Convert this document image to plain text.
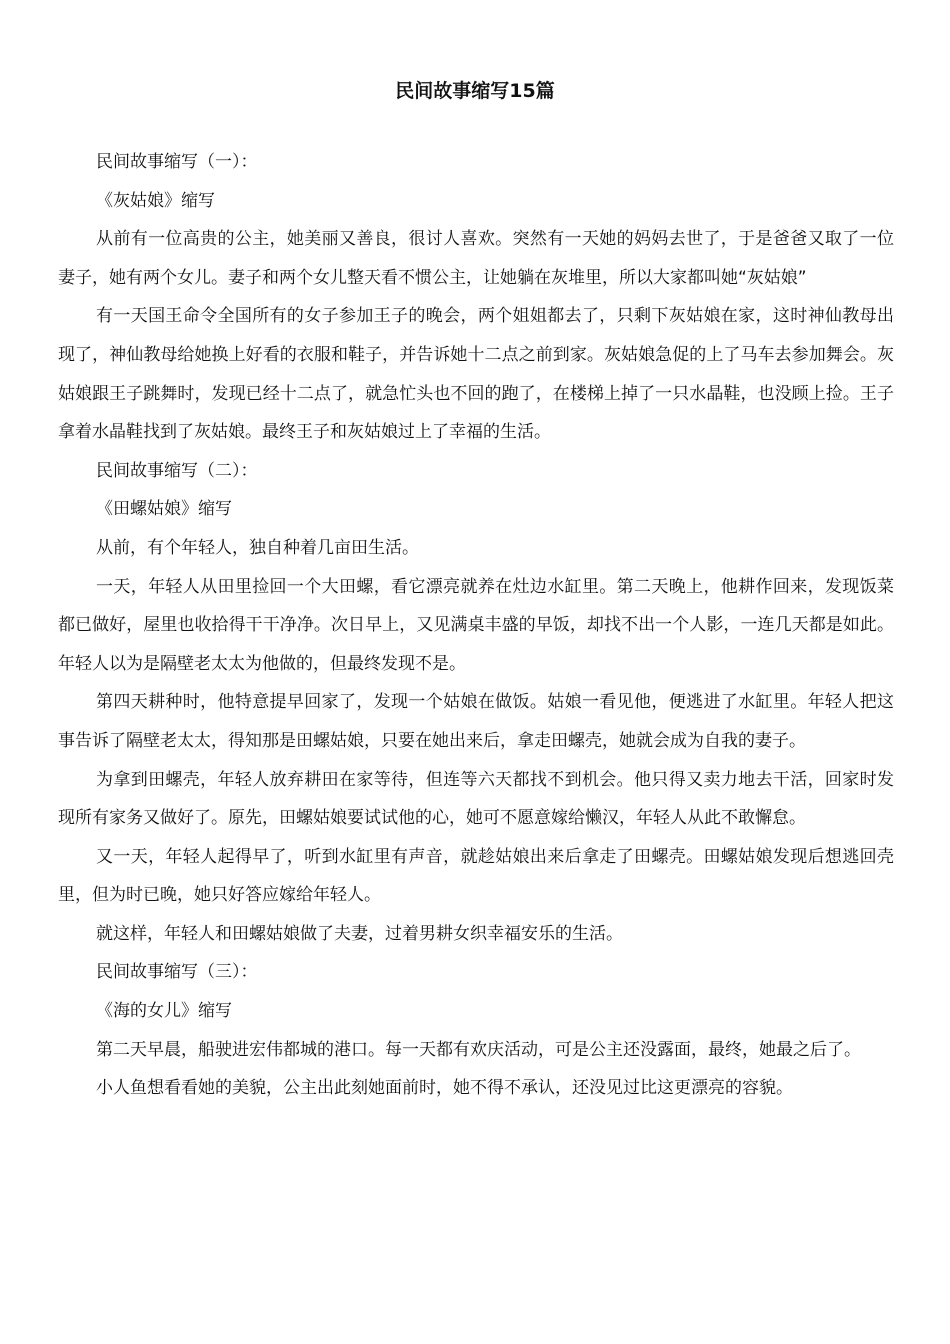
民间故事缩写15篇

民间故事缩写（一）：

《灰姑娘》缩写

从前有一位高贵的公主，她美丽又善良，很讨人喜欢。突然有一天她的妈妈去世了，于是爸爸又取了一位妻子，她有两个女儿。妻子和两个女儿整天看不惯公主，让她躺在灰堆里，所以大家都叫她“灰姑娘”

有一天国王命令全国所有的女子参加王子的晚会，两个姐姐都去了，只剩下灰姑娘在家，这时神仙教母出现了，神仙教母给她换上好看的衣服和鞋子，并告诉她十二点之前到家。灰姑娘急促的上了马车去参加舞会。灰姑娘跟王子跳舞时，发现已经十二点了，就急忙头也不回的跑了，在楼梯上掉了一只水晶鞋，也没顾上捡。王子拿着水晶鞋找到了灰姑娘。最终王子和灰姑娘过上了幸福的生活。

民间故事缩写（二）：

《田螺姑娘》缩写

从前，有个年轻人，独自种着几亩田生活。

一天，年轻人从田里捡回一个大田螺，看它漂亮就养在灶边水缸里。第二天晚上，他耕作回来，发现饭菜都已做好，屋里也收拾得干干净净。次日早上，又见满桌丰盛的早饭，却找不出一个人影，一连几天都是如此。年轻人以为是隔壁老太太为他做的，但最终发现不是。

第四天耕种时，他特意提早回家了，发现一个姑娘在做饭。姑娘一看见他，便逃进了水缸里。年轻人把这事告诉了隔壁老太太，得知那是田螺姑娘，只要在她出来后，拿走田螺壳，她就会成为自我的妻子。

为拿到田螺壳，年轻人放弃耕田在家等待，但连等六天都找不到机会。他只得又卖力地去干活，回家时发现所有家务又做好了。原先，田螺姑娘要试试他的心，她可不愿意嫁给懒汉，年轻人从此不敢懈怠。

又一天，年轻人起得早了，听到水缸里有声音，就趁姑娘出来后拿走了田螺壳。田螺姑娘发现后想逃回壳里，但为时已晚，她只好答应嫁给年轻人。

就这样，年轻人和田螺姑娘做了夫妻，过着男耕女织幸福安乐的生活。

民间故事缩写（三）：

《海的女儿》缩写

第二天早晨，船驶进宏伟都城的港口。每一天都有欢庆活动，可是公主还没露面，最终，她最之后了。

小人鱼想看看她的美貌，公主出此刻她面前时，她不得不承认，还没见过比这更漂亮的容貌。
